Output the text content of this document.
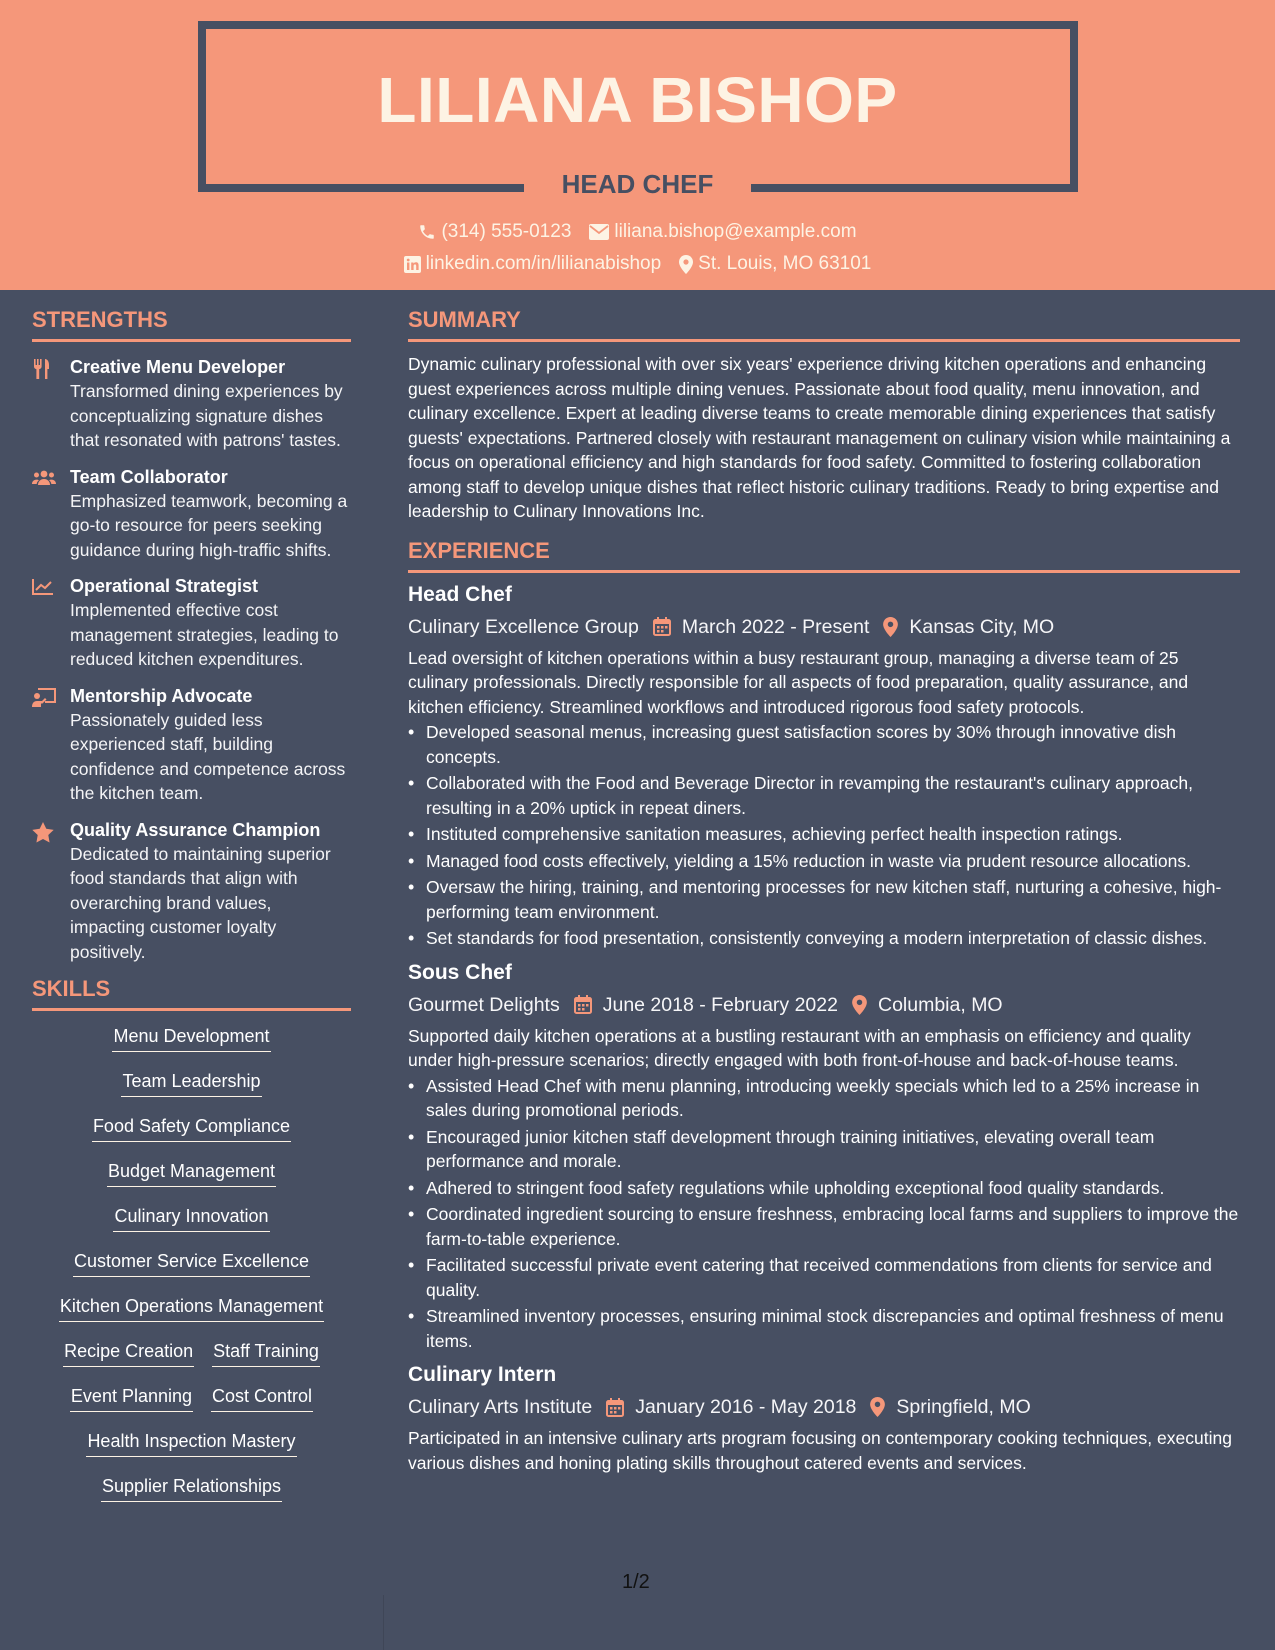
LILIANA BISHOP
HEAD CHEF
(314) 555-0123 liliana.bishop@example.com
linkedin.com/in/lilianabishop St. Louis, MO 63101
STRENGTHS
Creative Menu Developer
Transformed dining experiences by conceptualizing signature dishes that resonated with patrons' tastes.
Team Collaborator
Emphasized teamwork, becoming a go-to resource for peers seeking guidance during high-traffic shifts.
Operational Strategist
Implemented effective cost management strategies, leading to reduced kitchen expenditures.
Mentorship Advocate
Passionately guided less experienced staff, building confidence and competence across the kitchen team.
Quality Assurance Champion
Dedicated to maintaining superior food standards that align with overarching brand values, impacting customer loyalty positively.
SKILLS
Menu Development
Team Leadership
Food Safety Compliance
Budget Management
Culinary Innovation
Customer Service Excellence
Kitchen Operations Management
Recipe Creation Staff Training
Event Planning Cost Control
Health Inspection Mastery
Supplier Relationships
SUMMARY

Dynamic culinary professional with over six years' experience driving kitchen operations and enhancing guest experiences across multiple dining venues. Passionate about food quality, menu innovation, and culinary excellence. Expert at leading diverse teams to create memorable dining experiences that satisfy guests' expectations. Partnered closely with restaurant management on culinary vision while maintaining a focus on operational efficiency and high standards for food safety. Committed to fostering collaboration among staff to develop unique dishes that reflect historic culinary traditions. Ready to bring expertise and leadership to Culinary Innovations Inc.

EXPERIENCE
Head Chef
Culinary Excellence Group March 2022 - Present Kansas City, MO

Lead oversight of kitchen operations within a busy restaurant group, managing a diverse team of 25 culinary professionals. Directly responsible for all aspects of food preparation, quality assurance, and kitchen efficiency. Streamlined workflows and introduced rigorous food safety protocols.

• Developed seasonal menus, increasing guest satisfaction scores by 30% through innovative dish concepts.
• Collaborated with the Food and Beverage Director in revamping the restaurant's culinary approach, resulting in a 20% uptick in repeat diners.
• Instituted comprehensive sanitation measures, achieving perfect health inspection ratings.
• Managed food costs effectively, yielding a 15% reduction in waste via prudent resource allocations.
• Oversaw the hiring, training, and mentoring processes for new kitchen staff, nurturing a cohesive, high-performing team environment.
• Set standards for food presentation, consistently conveying a modern interpretation of classic dishes.
Sous Chef
Gourmet Delights June 2018 - February 2022 Columbia, MO

Supported daily kitchen operations at a bustling restaurant with an emphasis on efficiency and quality under high-pressure scenarios; directly engaged with both front-of-house and back-of-house teams.

• Assisted Head Chef with menu planning, introducing weekly specials which led to a 25% increase in sales during promotional periods.
• Encouraged junior kitchen staff development through training initiatives, elevating overall team performance and morale.
• Adhered to stringent food safety regulations while upholding exceptional food quality standards.
• Coordinated ingredient sourcing to ensure freshness, embracing local farms and suppliers to improve the farm-to-table experience.
• Facilitated successful private event catering that received commendations from clients for service and quality.
• Streamlined inventory processes, ensuring minimal stock discrepancies and optimal freshness of menu items.
Culinary Intern
Culinary Arts Institute January 2016 - May 2018 Springfield, MO

Participated in an intensive culinary arts program focusing on contemporary cooking techniques, executing various dishes and honing plating skills throughout catered events and services.

1/2
